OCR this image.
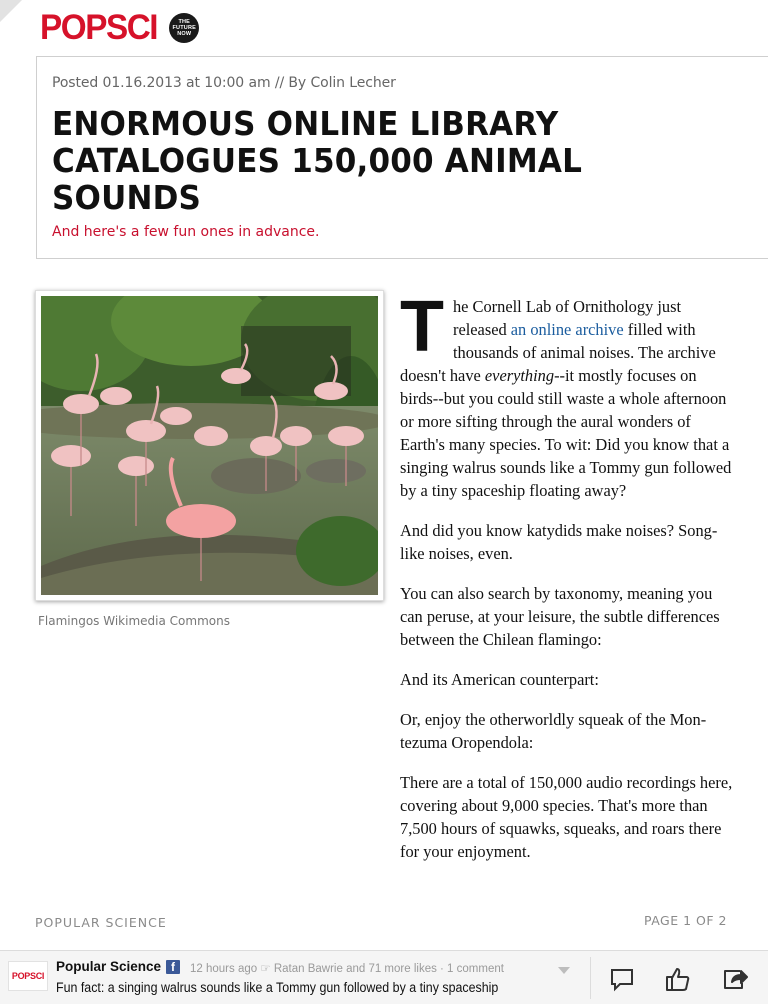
POPSCI	THE
FUTURE
NOW
Posted 01.16.2013 at 10:00 am // By Colin Lecher
ENORMOUS ONLINE LIBRARY CATALOGUES 150,000 ANIMAL SOUNDS
And here's a few fun ones in advance.
Flamingos Wikimedia Commons

The Cornell Lab of Ornithology just released an online archive filled with thousands of animal noises. The archive doesn't have everything--it mostly focuses on birds--but you could still waste a whole afternoon or more sifting through the aural wonders of Earth's many species. To wit: Did you know that a singing walrus sounds like a Tommy gun followed by a tiny spaceship floating away?

And did you know katydids make noises? Song-like noises, even.

You can also search by taxonomy, meaning you can peruse, at your leisure, the subtle differences between the Chilean flamingo:

And its American counterpart:

Or, enjoy the otherworldly squeak of the Montezuma Oropendola:

There are a total of 150,000 audio recordings here, covering about 9,000 species. That's more than 7,500 hours of squawks, squeaks, and roars there for your enjoyment.

POPULAR SCIENCE	PAGE 1 OF 2
POPSCI
Popular Science f	12 hours ago ☞ Ratan Bawrie and 71 more likes · 1 comment
Fun fact: a singing walrus sounds like a Tommy gun followed by a tiny spaceship
